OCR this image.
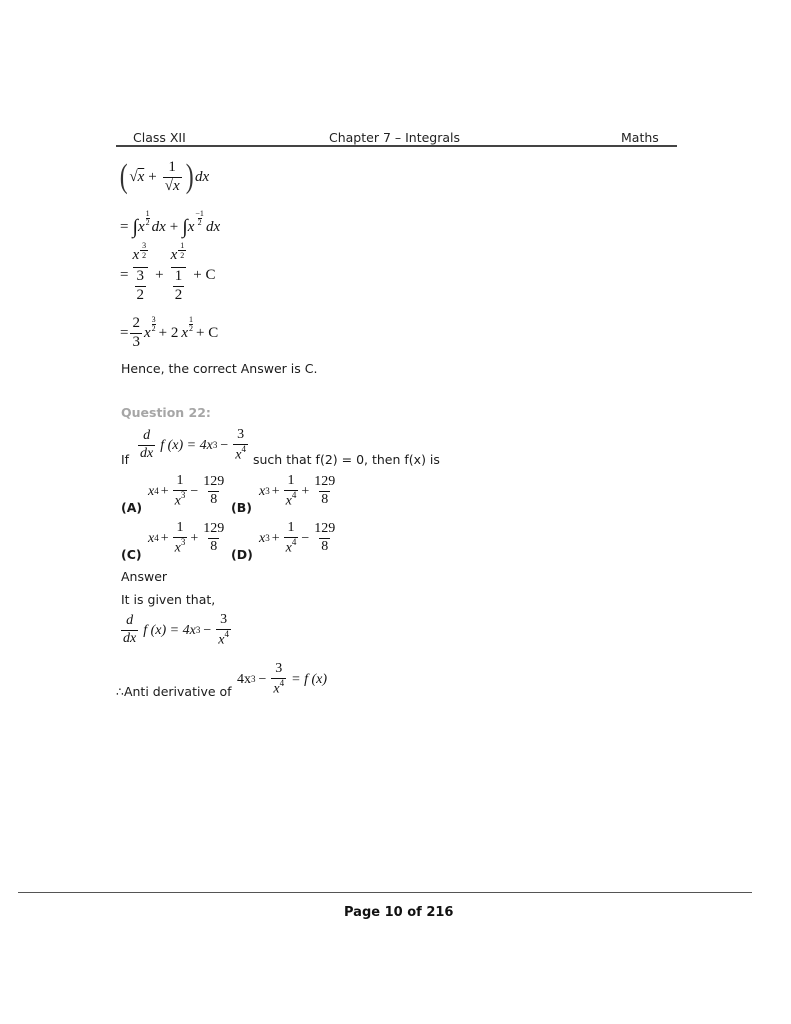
Class XII	Chapter 7 – Integrals	Maths
( √ $x + \frac{1}{√x}$ ) dx
= ∫ x
1
2 dx + ∫ x
−1
2 dx
= $\frac{x \frac{3}{2}}{\frac{3}{2}} + \frac{x \frac{1}{2}}{\frac{1}{2}} + C$
= $\frac{2}{3}$ x
3
2 + 2 x
1
2 + C
Hence, the correct Answer is C.
Question 22:
If $\frac{d}{dx}$ f (x) = 4x $3 - \frac{3}{x^4}$ such that f(2) = 0, then f(x) is
(A)
x $4 + \frac{1}{x^3} - \frac{129}{8} (B)$
x $3 + \frac{1}{x^4} + \frac{129}{8}$
(C)
x $4 + \frac{1}{x^3} + \frac{129}{8} (D)$
x $3 + \frac{1}{x^4} - \frac{129}{8}$
Answer
It is given that,
$\frac{d}{dx}$ f (x) = 4x $3 - \frac{3}{x^4}$
∴Anti derivative of
4x $3 - \frac{3}{x^4} = f$ (x)
Page 10 of 216
